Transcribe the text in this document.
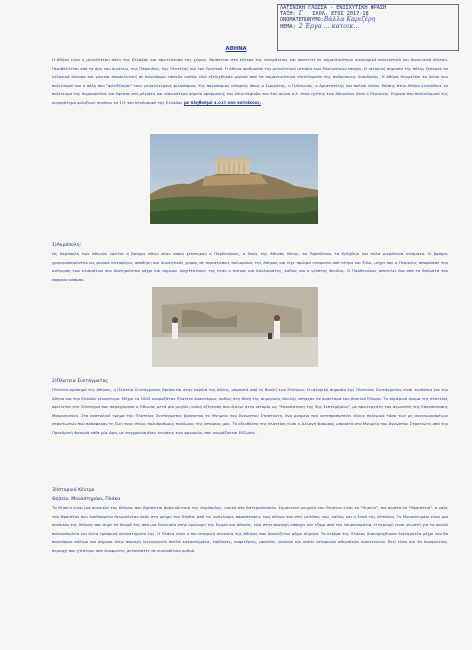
ΛΑΤΙΝΙΚΗ ΓΛΩΣΣΑ - ΕΝΙΣΧΥΤΙΚΗ ΦΡΑΣΗ
ΤΑΞΗ: Γ ΣΧΟΛ. ΕΤΟΣ 2017-18
ΟΝΟΜΑΤΕΠΩΝΥΜΟ:Βάλλα Καριζέρη
ΘΕΜΑ: 2 Έργα ... κατοικ...
ΑΘΗΝΑ
Η Αθήνα είναι η μεγαλύτερη πόλη της Ελλάδας και πρωτεύουσα της χώρας. Βρίσκεται στο κέντρο της επικράτειας και αποτελεί το σημαντικότερο οικονομικό πολιτιστικό και διοικητικό κέντρο. Περιβάλλεται από τα όρη του Αιγάλεω, της Πάρνηθας, της Πεντέλης και του Υμηττού. Η Αθήνα αριθμούσε την μεγαλύτερη ιστορία των Μυκηναϊκών εποχής. Η ιστορική σημασία της πόλης ξεπερνά τα ελληνικά σύνορα και γίνεται παρακλητική σε παγκόσμιο επίπεδο καθώς εδώ εξελίχθηκαν μερικά από τα σημαντικότερα επιτεύγματα της ανθρώπινης διανόησης. Η Αθήνα θεωρείται το λίκνο του πολιτισμού και η πόλη που "φιλοξένησε" τους μεγαλύτερους φιλοσόφους της παγκόσμιας ιστορίας όπως ο Σωκράτης, ο Πλάτωνας, ο Αριστοτέλης και πολλοί άλλοι. Επίσης στην Αθήνα γεννήθηκε το πολίτευμα της δημοκρατίας και έφτασε στη μέγιστη και ιδανικότερο σημείο εφαρμογής του στην περίοδο του 5ου αιώνα π.Χ. όταν ηγέτης των Αθηναίων ήταν ο Περικλής. Σήμερα στο πολεοδομικό της συγκρότημα φιλοξενεί περίπου το 1/3 του πληθυσμού της Ελλάδας με πληθυσμό 4.017.000 κατοίκους.
1)Ακρόπολη:
Ως Ακρόπολη των Αθηνών νοείται ο βράχος πάνω στον οποίο χτίστηκαν ο Παρθενώνας, ο Ναός της Αθηνάς Νίκης, τα Προπύλαια, το Ερέχθειο και άλλα μικρότερα κτίσματα. Ο βράχος χρησιμοποιούνταν ως φυσικό καταφύγιο, αποθήκη και διοικητικός χώρος σε περιπτώσεις πολιορκίας της Αθήνας και είχε πρώιμα κτίσματα από πέτρα και ξύλο, μέχρι που ο Περικλής αποφάσισε την ανέγερση των κτισμάτων που διατηρούνται μέχρι και σήμερα. Αρχιτέκτονες της ήταν ο Ικτίνος και Καλλικράτης, καθώς και ο γλύπτης Φειδίας. Ο Παρθενώνας αποτελεί ένα από τα θαύματα του αρχαίου κόσμου.
2)Πλατεία Συντάγματος
Πλατεία-ορόσημο της Αθήνας, η Πλατεία Συντάγματος βρίσκεται στην καρδιά της πόλης, μπροστά από τη Βουλή των Ελλήνων. Η ιστορική σημασία της Πλατείας Συντάγματος είναι τεράστια για την Αθήνα και την Ελλάδα γενικότερα. Μέχρι το 1843 ονομαζόταν Πλατεία Ανακτόρων, καθώς στη θέση της σημερινής Βουλής υπήρχαν τα ανάκτορα του βασιλιά Όθωνα. Το σημερινό όνομα της πλατείας οφείλεται στο Σύνταγμα που παραχώρησε ο Όθωνας μετά μία μεγάλη λαϊκή εξέγερση που έμεινε στην ιστορία ως "Επανάσταση της 3ης Σεπτεμβρίου", με πρωτεργάτη τον αγωνιστή της Επανάστασης Μακρυγιάννη. Στο ανατολικό τμήμα της Πλατείας Συντάγματος βρίσκεται το Μνημείο του Άγνωστου Στρατιώτη, ένα μνημείο που αντιπροσωπεύει όλους πολεμικά τόσο των μη αναγνωρισμένων στρατιωτών που πρόσφεραν τη ζωή τους στους πολυάριθμους πολέμους της ιστορίας μας. Το αξιοθέατο της πλατείας είναι η Αλλαγή Φρουράς μπροστά στο Μνημείο του Άγνωστου Στρατιώτη από την Προεδρική Φρουρά κάθε μία ώρα, με συγχρονισμένες κινήσεις των φρουρών, που ονομάζονται Εύζωνες.
3)Ιστορικό Κέντρο
Θησείο, Μοναστηράκι, Πλάκα
Το Θησείο είναι μια συνοικία της Αθήνας που βρίσκεται βορειοδυτικά της Ακρόπολης, κοντά στο Αστεροσκοπείο. Σημαντικά μνημεία του Θησείου είναι το "Θησείο", πιο σωστά το "Ηφαίστειο", ο ναός του Ηφαίστου που λανθασμένα θεωρούνταν ναός στη μνήμη του Θησέα, από τις ανάγλυφες παραστάσεις των άθλων του στις μετόπες του, καθώς και η Στοά της Αττάλου. Το Μοναστηράκι είναι μια συνοικία της Αθήνας που πήρε το όνομά της από μια Εκκλησία στην ομώνυμη της Ερμού και Αθηνάς, ενώ στην περιοχή υπάρχει και τζαμί από την τουρκοκρατία. Η περιοχή είναι γνωστή για τα πολλά παλαιοπωλεία και άλλα εμπορικά καταστήματα της. Η Πλάκα είναι η πιο ιστορική συνοικία της Αθήνας που διασώζεται μέχρι σήμερα. Το κτίσμα της Πλάκας διακηρύχθηκαν διατηρητέα μέχρι τον 8ο παγκόσμιο πόλεμο και σήμερα στην περιοχή λειτουργούν πολλά καταστήματα, ταβέρνες, καφετέριες, μουσεία, γκαλερί και οπότε ιστορικών αθηναϊκών οικογενειών. Εκεί είναι και τα Αναφιώτικα, περιοχή που χτίστηκε από Αναφιώτες μετανάστες σε κυκλαδίτικο ρυθμό.
